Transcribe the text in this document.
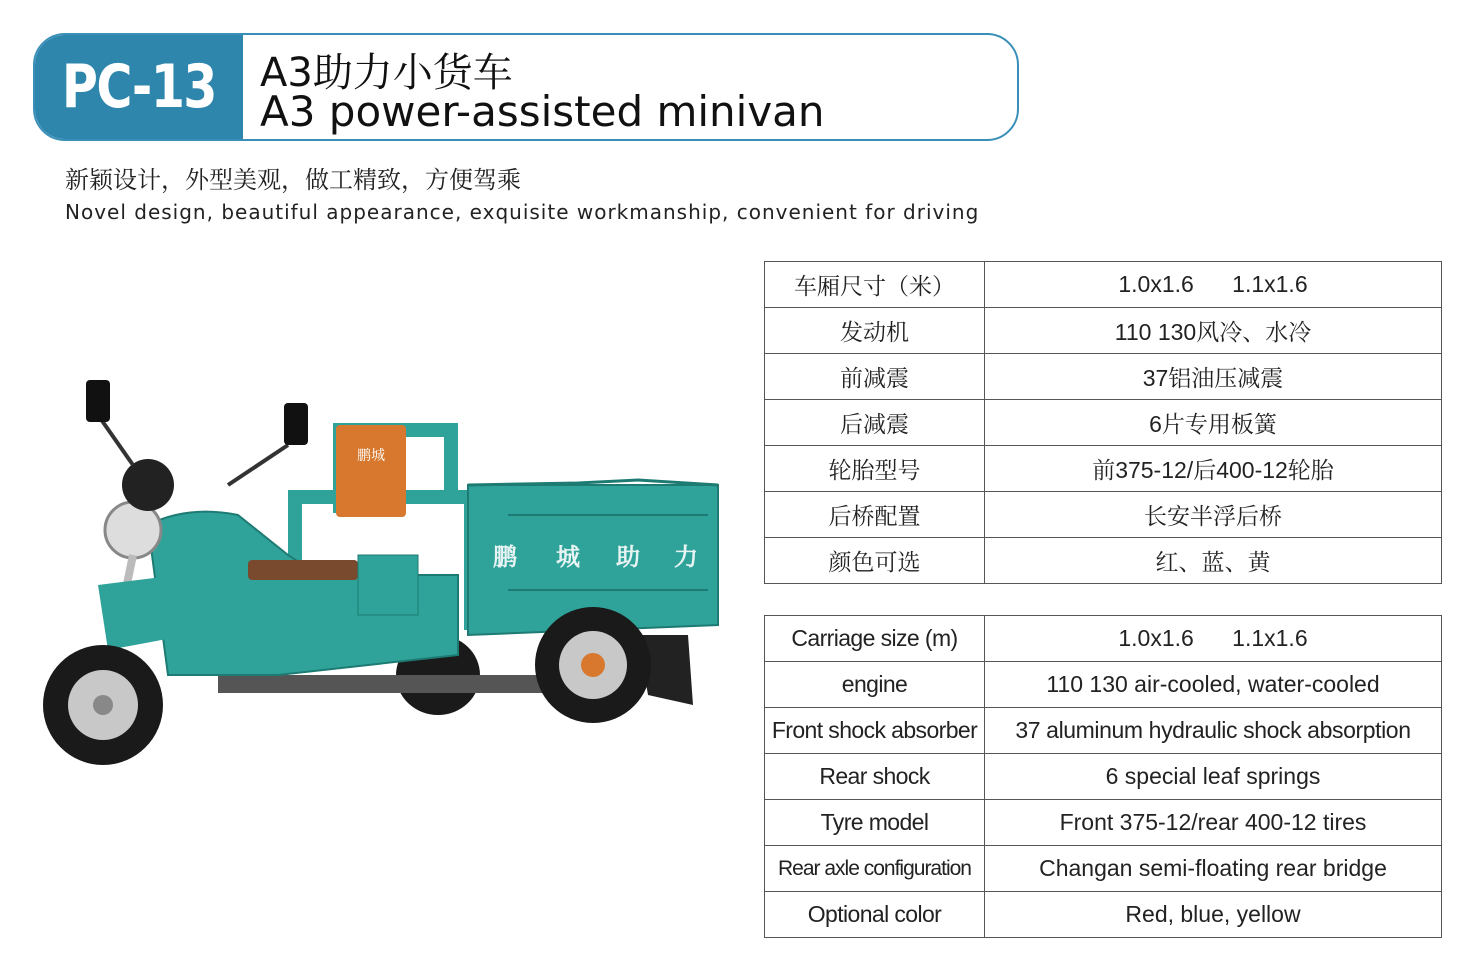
PC-13 A3助力小货车
A3 power-assisted minivan
新颖设计，外型美观，做工精致，方便驾乘
Novel design, beautiful appearance, exquisite workmanship, convenient for driving
鹏城
鹏 城 助 力
车厢尺寸（米）	1.0x1.6      1.1x1.6
发动机	110 130风冷、水冷
前减震	37铝油压减震
后减震	6片专用板簧
轮胎型号	前375-12/后400-12轮胎
后桥配置	长安半浮后桥
颜色可选	红、蓝、黄
Carriage size (m)	1.0x1.6      1.1x1.6
engine	110 130 air-cooled, water-cooled
Front shock absorber	37 aluminum hydraulic shock absorption
Rear shock	6 special leaf springs
Tyre model	Front 375-12/rear 400-12 tires
Rear axle configuration	Changan semi-floating rear bridge
Optional color	Red, blue, yellow
